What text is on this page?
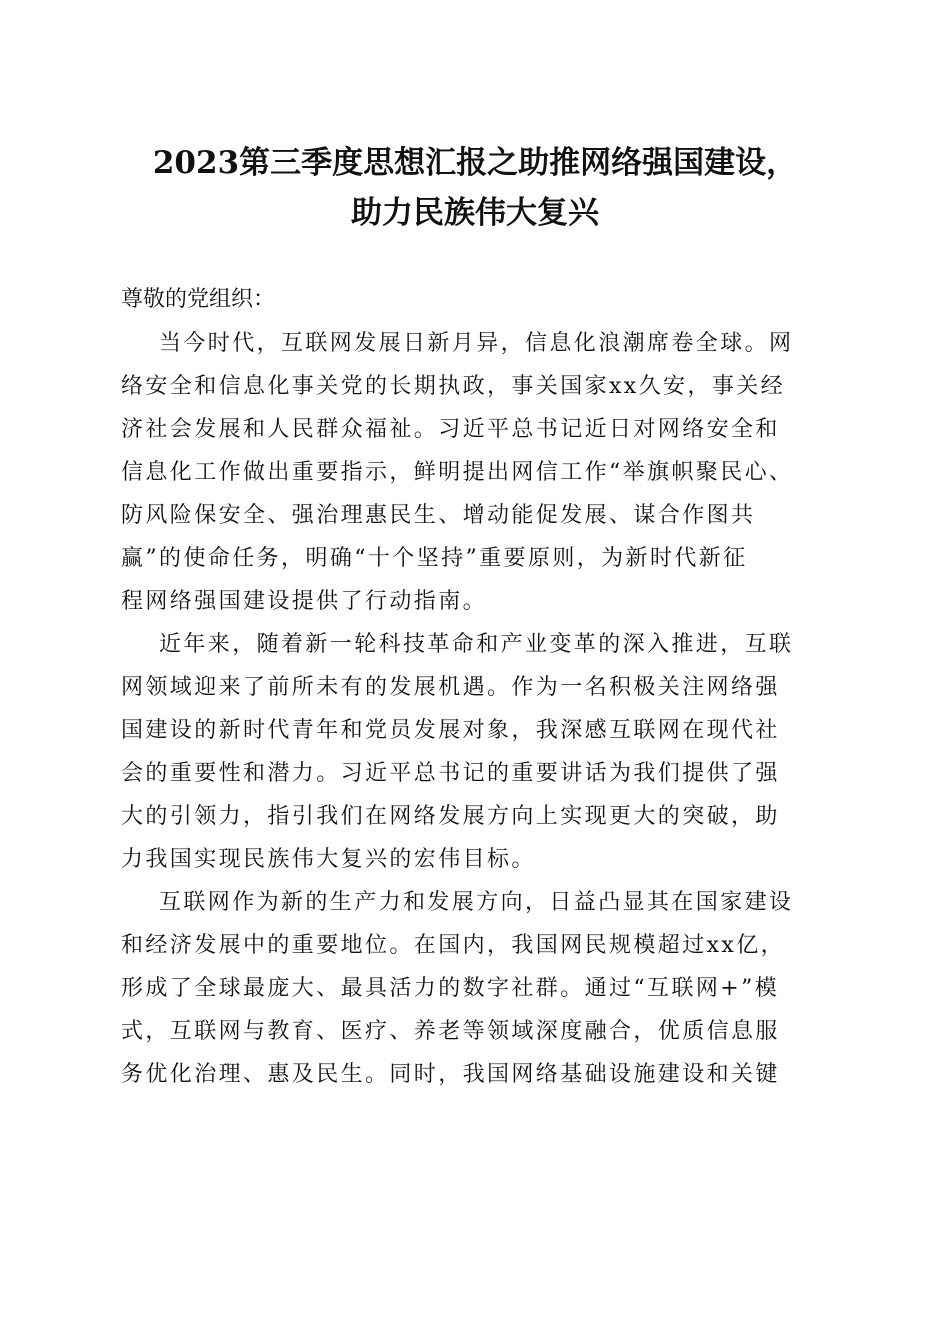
2023第三季度思想汇报之助推网络强国建设，
助力民族伟大复兴
尊敬的党组织：
当今时代，互联网发展日新月异，信息化浪潮席卷全球。网
络安全和信息化事关党的长期执政，事关国家xx久安，事关经
济社会发展和人民群众福祉。习近平总书记近日对网络安全和
信息化工作做出重要指示，鲜明提出网信工作“举旗帜聚民心、
防风险保安全、强治理惠民生、增动能促发展、谋合作图共
赢”的使命任务，明确“十个坚持”重要原则，为新时代新征
程网络强国建设提供了行动指南。
近年来，随着新一轮科技革命和产业变革的深入推进，互联
网领域迎来了前所未有的发展机遇。作为一名积极关注网络强
国建设的新时代青年和党员发展对象，我深感互联网在现代社
会的重要性和潜力。习近平总书记的重要讲话为我们提供了强
大的引领力，指引我们在网络发展方向上实现更大的突破，助
力我国实现民族伟大复兴的宏伟目标。
互联网作为新的生产力和发展方向，日益凸显其在国家建设
和经济发展中的重要地位。在国内，我国网民规模超过xx亿，
形成了全球最庞大、最具活力的数字社群。通过“互联网+”模
式，互联网与教育、医疗、养老等领域深度融合，优质信息服
务优化治理、惠及民生。同时，我国网络基础设施建设和关键
